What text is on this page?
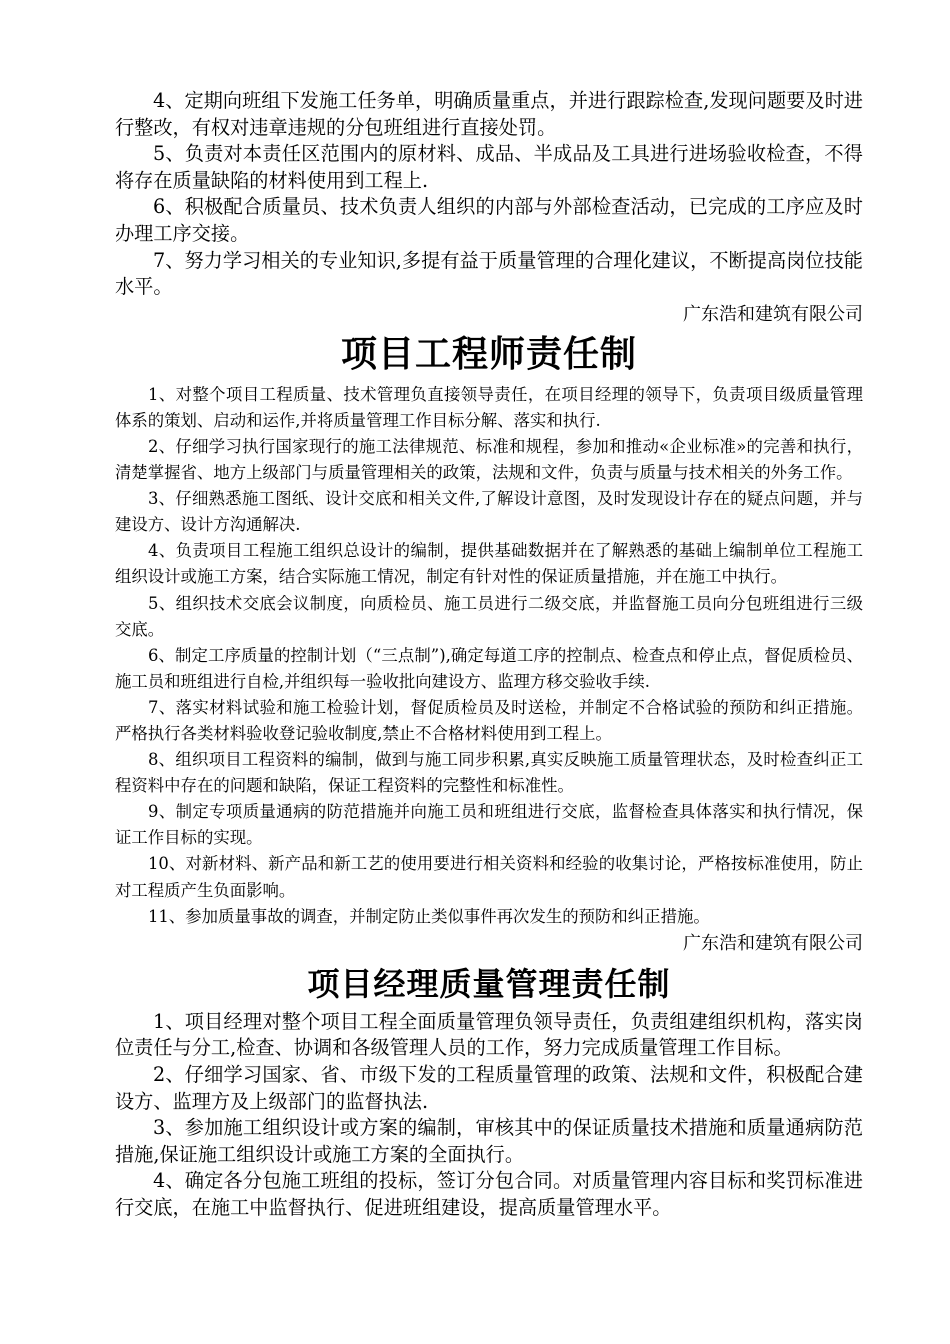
4、定期向班组下发施工任务单，明确质量重点，并进行跟踪检查,发现问题要及时进行整改，有权对违章违规的分包班组进行直接处罚。

5、负责对本责任区范围内的原材料、成品、半成品及工具进行进场验收检查，不得将存在质量缺陷的材料使用到工程上.

6、积极配合质量员、技术负责人组织的内部与外部检查活动，已完成的工序应及时办理工序交接。

7、努力学习相关的专业知识,多提有益于质量管理的合理化建议，不断提高岗位技能水平。

广东浩和建筑有限公司

项目工程师责任制

1、对整个项目工程质量、技术管理负直接领导责任，在项目经理的领导下，负责项目级质量管理体系的策划、启动和运作,并将质量管理工作目标分解、落实和执行.

2、仔细学习执行国家现行的施工法律规范、标准和规程，参加和推动«企业标准»的完善和执行，清楚掌握省、地方上级部门与质量管理相关的政策，法规和文件，负责与质量与技术相关的外务工作。

3、仔细熟悉施工图纸、设计交底和相关文件,了解设计意图，及时发现设计存在的疑点问题，并与建设方、设计方沟通解决.

4、负责项目工程施工组织总设计的编制，提供基础数据并在了解熟悉的基础上编制单位工程施工组织设计或施工方案，结合实际施工情况，制定有针对性的保证质量措施，并在施工中执行。

5、组织技术交底会议制度，向质检员、施工员进行二级交底，并监督施工员向分包班组进行三级交底。

6、制定工序质量的控制计划（“三点制”),确定每道工序的控制点、检查点和停止点，督促质检员、施工员和班组进行自检,并组织每一验收批向建设方、监理方移交验收手续.

7、落实材料试验和施工检验计划，督促质检员及时送检，并制定不合格试验的预防和纠正措施。严格执行各类材料验收登记验收制度,禁止不合格材料使用到工程上。

8、组织项目工程资料的编制，做到与施工同步积累,真实反映施工质量管理状态，及时检查纠正工程资料中存在的问题和缺陷，保证工程资料的完整性和标准性。

9、制定专项质量通病的防范措施并向施工员和班组进行交底，监督检查具体落实和执行情况，保证工作目标的实现。

10、对新材料、新产品和新工艺的使用要进行相关资料和经验的收集讨论，严格按标准使用，防止对工程质产生负面影响。

11、参加质量事故的调查，并制定防止类似事件再次发生的预防和纠正措施。

广东浩和建筑有限公司

项目经理质量管理责任制

1、项目经理对整个项目工程全面质量管理负领导责任，负责组建组织机构，落实岗位责任与分工,检查、协调和各级管理人员的工作，努力完成质量管理工作目标。

2、仔细学习国家、省、市级下发的工程质量管理的政策、法规和文件，积极配合建设方、监理方及上级部门的监督执法.

3、参加施工组织设计或方案的编制，审核其中的保证质量技术措施和质量通病防范措施,保证施工组织设计或施工方案的全面执行。

4、确定各分包施工班组的投标，签订分包合同。对质量管理内容目标和奖罚标准进行交底，在施工中监督执行、促进班组建设，提高质量管理水平。
